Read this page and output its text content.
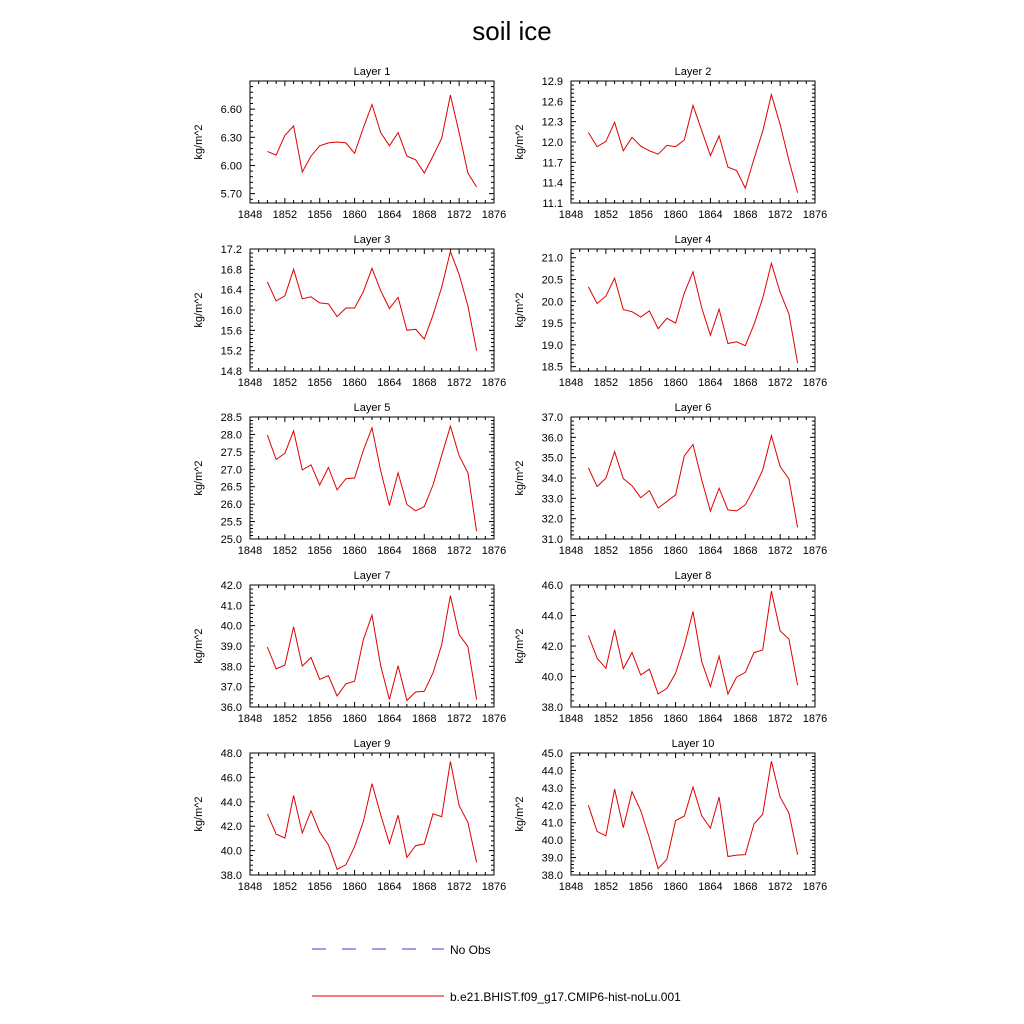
soil ice
Layer 1
1848 1852 1856 1860 1864 1868 1872 1876
5.70
6.00
6.30
6.60
kg/m^2
Layer 2
1848 1852 1856 1860 1864 1868 1872 1876
11.1
11.4
11.7
12.0
12.3
12.6
12.9
kg/m^2
Layer 3
1848 1852 1856 1860 1864 1868 1872 1876
14.8
15.2
15.6
16.0
16.4
16.8
17.2
kg/m^2
Layer 4
1848 1852 1856 1860 1864 1868 1872 1876
18.5
19.0
19.5
20.0
20.5
21.0
kg/m^2
Layer 5
1848 1852 1856 1860 1864 1868 1872 1876
25.0
25.5
26.0
26.5
27.0
27.5
28.0
28.5
kg/m^2
Layer 6
1848 1852 1856 1860 1864 1868 1872 1876
31.0
32.0
33.0
34.0
35.0
36.0
37.0
kg/m^2
Layer 7
1848 1852 1856 1860 1864 1868 1872 1876
36.0
37.0
38.0
39.0
40.0
41.0
42.0
kg/m^2
Layer 8
1848 1852 1856 1860 1864 1868 1872 1876
38.0
40.0
42.0
44.0
46.0
kg/m^2
Layer 9
1848 1852 1856 1860 1864 1868 1872 1876
38.0
40.0
42.0
44.0
46.0
48.0
kg/m^2
Layer 10
1848 1852 1856 1860 1864 1868 1872 1876
38.0
39.0
40.0
41.0
42.0
43.0
44.0
45.0
kg/m^2
No Obs
b.e21.BHIST.f09_g17.CMIP6-hist-noLu.001
